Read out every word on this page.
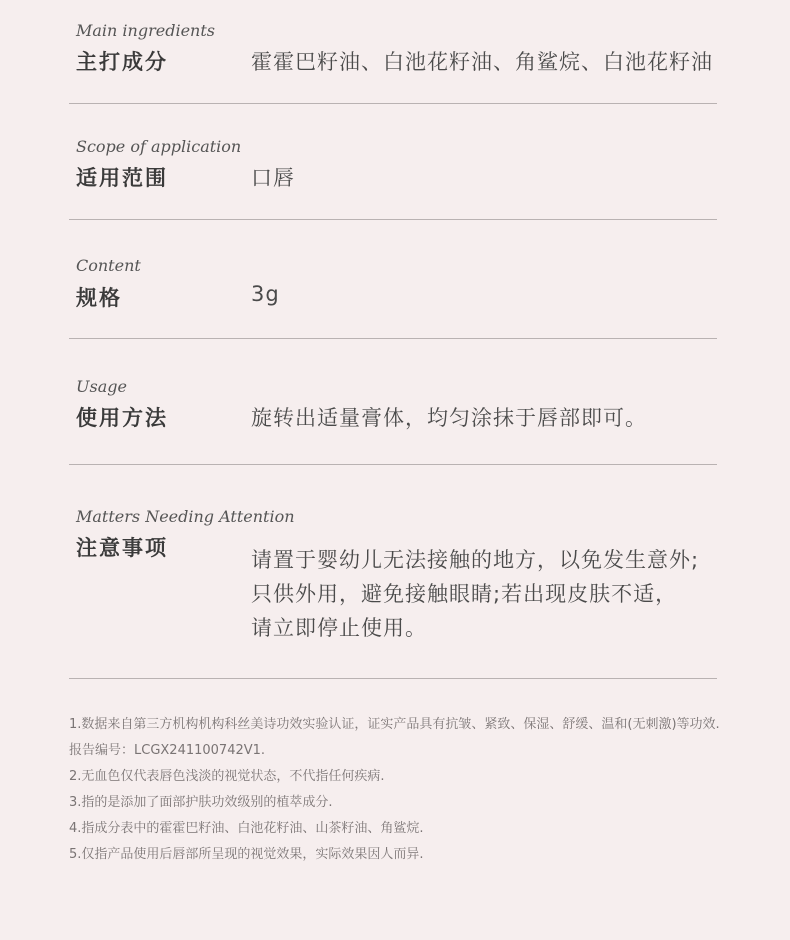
Main ingredients
主打成分	霍霍巴籽油、白池花籽油、角鲨烷、白池花籽油
Scope of application
适用范围	口唇
Content
规格	3g
Usage
使用方法	旋转出适量膏体，均匀涂抹于唇部即可。
Matters Needing Attention
注意事项	请置于婴幼儿无法接触的地方，以免发生意外;
只供外用，避免接触眼睛;若出现皮肤不适，
请立即停止使用。
1.数据来自第三方机构机构科丝美诗功效实验认证，证实产品具有抗皱、紧致、保湿、舒缓、温和(无刺激)等功效.报告编号：LCGX241100742V1.
2.无血色仅代表唇色浅淡的视觉状态，不代指任何疾病.
3.指的是添加了面部护肤功效级别的植萃成分.
4.指成分表中的霍霍巴籽油、白池花籽油、山茶籽油、角鲨烷.
5.仅指产品使用后唇部所呈现的视觉效果，实际效果因人而异.
